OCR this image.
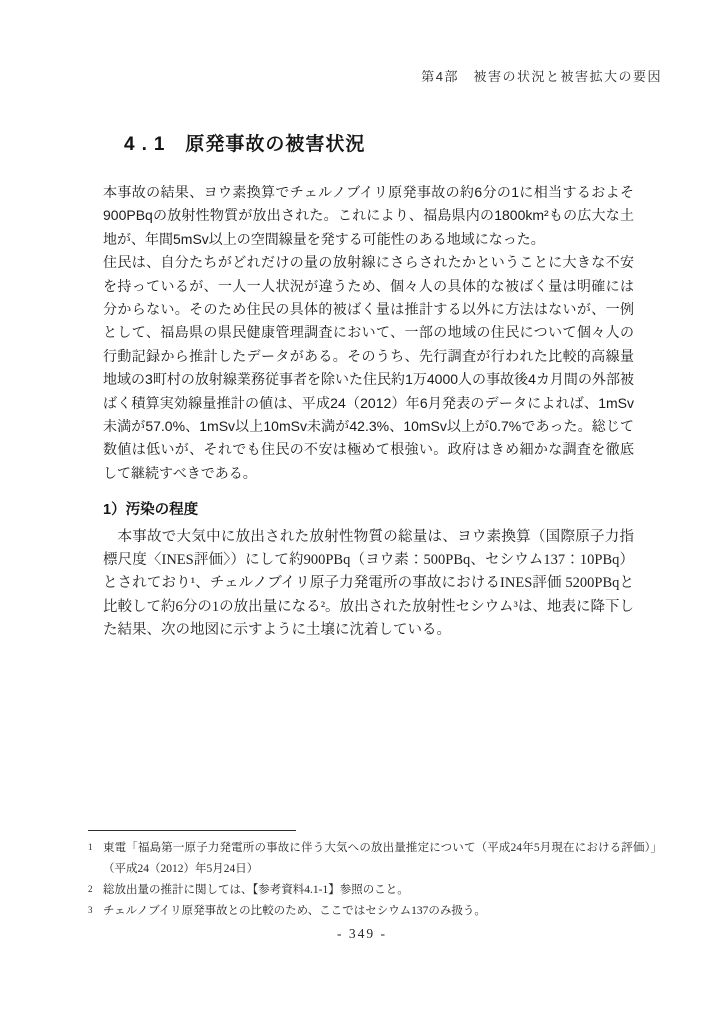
第4部　被害の状況と被害拡大の要因
4.1 原発事故の被害状況

本事故の結果、ヨウ素換算でチェルノブイリ原発事故の約6分の1に相当するおよそ900PBqの放射性物質が放出された。これにより、福島県内の1800km²もの広大な土地が、年間5mSv以上の空間線量を発する可能性のある地域になった。

住民は、自分たちがどれだけの量の放射線にさらされたかということに大きな不安を持っているが、一人一人状況が違うため、個々人の具体的な被ばく量は明確には分からない。そのため住民の具体的被ばく量は推計する以外に方法はないが、一例として、福島県の県民健康管理調査において、一部の地域の住民について個々人の行動記録から推計したデータがある。そのうち、先行調査が行われた比較的高線量地域の3町村の放射線業務従事者を除いた住民約1万4000人の事故後4カ月間の外部被ばく積算実効線量推計の値は、平成24（2012）年6月発表のデータによれば、1mSv未満が57.0%、1mSv以上10mSv未満が42.3%、10mSv以上が0.7%であった。総じて数値は低いが、それでも住民の不安は極めて根強い。政府はきめ細かな調査を徹底して継続すべきである。

1）汚染の程度

本事故で大気中に放出された放射性物質の総量は、ヨウ素換算（国際原子力指標尺度〈INES評価〉）にして約900PBq（ヨウ素：500PBq、セシウム137：10PBq）とされており¹、チェルノブイリ原子力発電所の事故におけるINES評価 5200PBqと比較して約6分の1の放出量になる²。放出された放射性セシウム³は、地表に降下した結果、次の地図に示すように土壌に沈着している。

1 東電「福島第一原子力発電所の事故に伴う大気への放出量推定について（平成24年5月現在における評価）」（平成24（2012）年5月24日）
2 総放出量の推計に関しては、【参考資料4.1-1】参照のこと。
3 チェルノブイリ原発事故との比較のため、ここではセシウム137のみ扱う。
- 349 -
